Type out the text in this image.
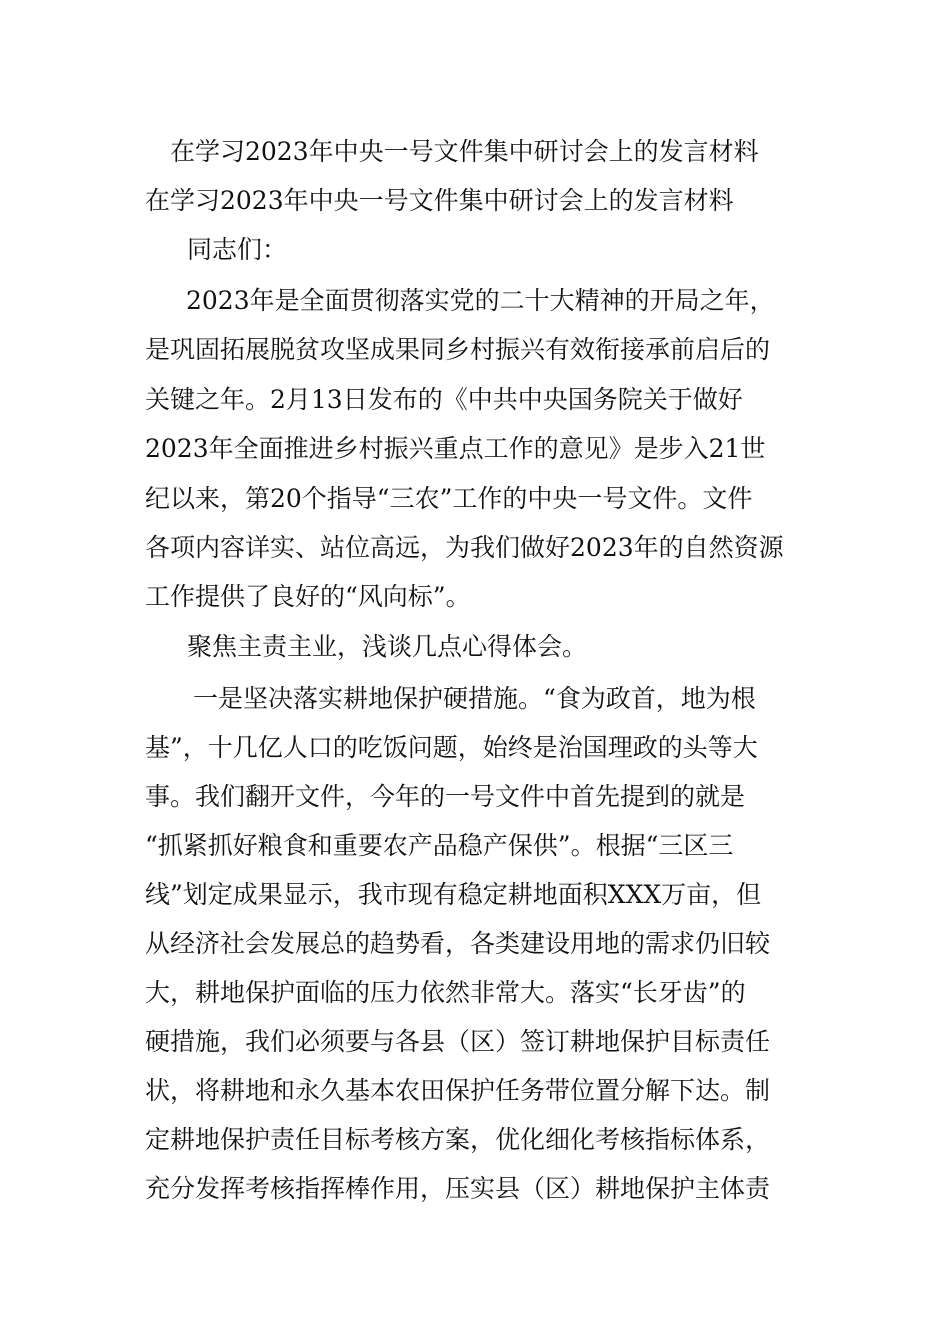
在学习2023年中央一号文件集中研讨会上的发言材料
在学习2023年中央一号文件集中研讨会上的发言材料
同志们：
2023年是全面贯彻落实党的二十大精神的开局之年，
是巩固拓展脱贫攻坚成果同乡村振兴有效衔接承前启后的
关键之年。2月13日发布的《中共中央国务院关于做好
2023年全面推进乡村振兴重点工作的意见》是步入21世
纪以来，第20个指导“三农”工作的中央一号文件。文件
各项内容详实、站位高远，为我们做好2023年的自然资源
工作提供了良好的“风向标”。
聚焦主责主业，浅谈几点心得体会。
一是坚决落实耕地保护硬措施。“食为政首，地为根
基”，十几亿人口的吃饭问题，始终是治国理政的头等大
事。我们翻开文件，今年的一号文件中首先提到的就是
“抓紧抓好粮食和重要农产品稳产保供”。根据“三区三
线”划定成果显示，我市现有稳定耕地面积XXX万亩，但
从经济社会发展总的趋势看，各类建设用地的需求仍旧较
大，耕地保护面临的压力依然非常大。落实“长牙齿”的
硬措施，我们必须要与各县（区）签订耕地保护目标责任
状，将耕地和永久基本农田保护任务带位置分解下达。制
定耕地保护责任目标考核方案，优化细化考核指标体系，
充分发挥考核指挥棒作用，压实县（区）耕地保护主体责
